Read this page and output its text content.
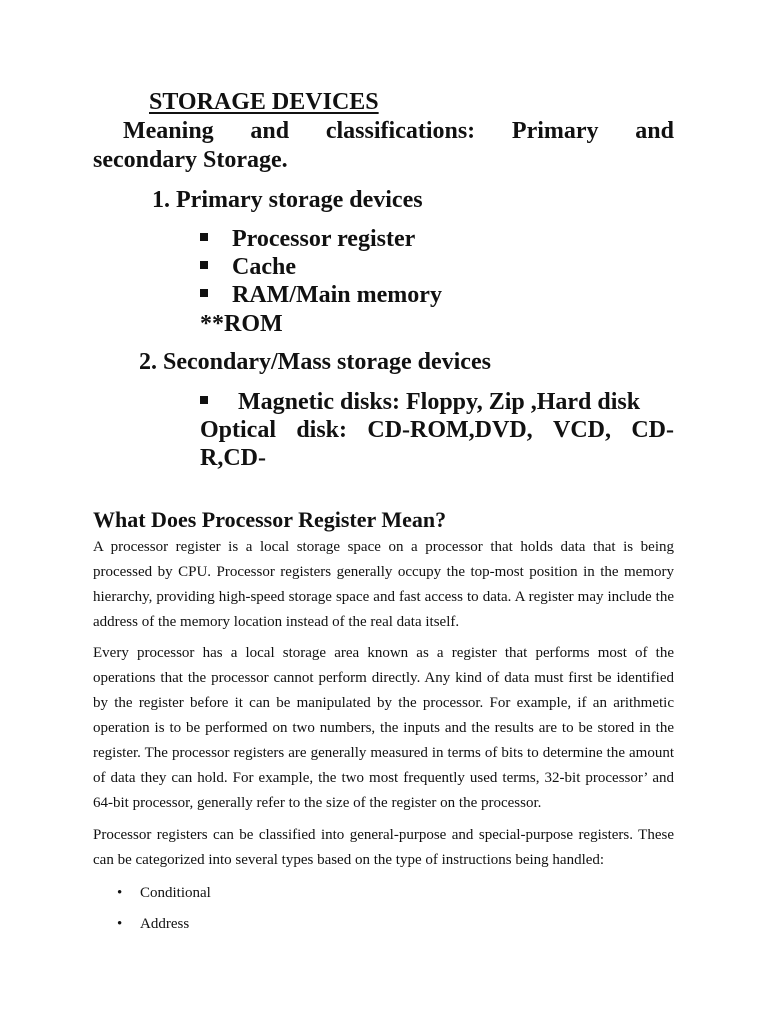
STORAGE DEVICES
Meaning and classifications: Primary and
secondary Storage.
1. Primary storage devices
Processor register
Cache
RAM/Main memory
**ROM
2. Secondary/Mass storage devices
Magnetic disks: Floppy, Zip ,Hard disk
Optical disk: CD-ROM,DVD, VCD, CD-
R,CD-
What Does Processor Register Mean?
A processor register is a local storage space on a processor that holds data that is being processed by CPU. Processor registers generally occupy the top-most position in the memory hierarchy, providing high-speed storage space and fast access to data. A register may include the address of the memory location instead of the real data itself.
Every processor has a local storage area known as a register that performs most of the operations that the processor cannot perform directly. Any kind of data must first be identified by the register before it can be manipulated by the processor. For example, if an arithmetic operation is to be performed on two numbers, the inputs and the results are to be stored in the register. The processor registers are generally measured in terms of bits to determine the amount of data they can hold. For example, the two most frequently used terms, 32-bit processor’ and 64-bit processor, generally refer to the size of the register on the processor.
Processor registers can be classified into general-purpose and special-purpose registers. These can be categorized into several types based on the type of instructions being handled:
• Conditional
• Address
